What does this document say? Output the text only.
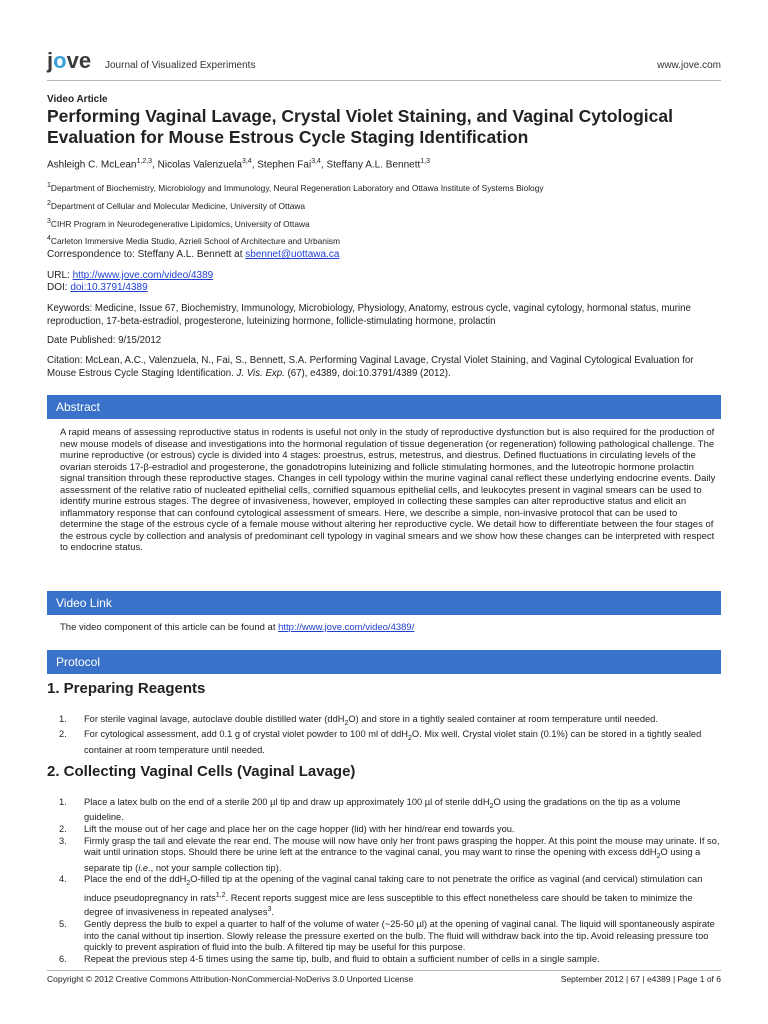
jove Journal of Visualized Experiments	www.jove.com
Video Article
Performing Vaginal Lavage, Crystal Violet Staining, and Vaginal Cytological Evaluation for Mouse Estrous Cycle Staging Identification
Ashleigh C. McLean$^{1,2,3}$, Nicolas Valenzuela$^{3,4}$, Stephen Fai$^{3,4}$, Steffany A.L. Bennett$^{1,3}$
$^1$Department of Biochemistry, Microbiology and Immunology, Neural Regeneration Laboratory and Ottawa Institute of Systems Biology
$^2$Department of Cellular and Molecular Medicine, University of Ottawa
$^3$CIHR Program in Neurodegenerative Lipidomics, University of Ottawa
$^4$Carleton Immersive Media Studio, Azrieli School of Architecture and Urbanism
Correspondence to: Steffany A.L. Bennett at sbennet@uottawa.ca
URL: http://www.jove.com/video/4389
DOI: doi:10.3791/4389
Keywords: Medicine, Issue 67, Biochemistry, Immunology, Microbiology, Physiology, Anatomy, estrous cycle, vaginal cytology, hormonal status, murine reproduction, 17-beta-estradiol, progesterone, luteinizing hormone, follicle-stimulating hormone, prolactin
Date Published: 9/15/2012
Citation: McLean, A.C., Valenzuela, N., Fai, S., Bennett, S.A. Performing Vaginal Lavage, Crystal Violet Staining, and Vaginal Cytological Evaluation for Mouse Estrous Cycle Staging Identification. J. Vis. Exp. (67), e4389, doi:10.3791/4389 (2012).
Abstract
A rapid means of assessing reproductive status in rodents is useful not only in the study of reproductive dysfunction but is also required for the production of new mouse models of disease and investigations into the hormonal regulation of tissue degeneration (or regeneration) following pathological challenge. The murine reproductive (or estrous) cycle is divided into 4 stages: proestrus, estrus, metestrus, and diestrus. Defined fluctuations in circulating levels of the ovarian steroids 17-β-estradiol and progesterone, the gonadotropins luteinizing and follicle stimulating hormones, and the luteotropic hormone prolactin signal transition through these reproductive stages. Changes in cell typology within the murine vaginal canal reflect these underlying endocrine events. Daily assessment of the relative ratio of nucleated epithelial cells, cornified squamous epithelial cells, and leukocytes present in vaginal smears can be used to identify murine estrous stages. The degree of invasiveness, however, employed in collecting these samples can alter reproductive status and elicit an inflammatory response that can confound cytological assessment of smears. Here, we describe a simple, non-invasive protocol that can be used to determine the stage of the estrous cycle of a female mouse without altering her reproductive cycle. We detail how to differentiate between the four stages of the estrous cycle by collection and analysis of predominant cell typology in vaginal smears and we show how these changes can be interpreted with respect to endocrine status.
Video Link
The video component of this article can be found at http://www.jove.com/video/4389/
Protocol
1. Preparing Reagents
1. For sterile vaginal lavage, autoclave double distilled water (ddH$_2$O) and store in a tightly sealed container at room temperature until needed.
2. For cytological assessment, add 0.1 g of crystal violet powder to 100 ml of ddH$_2$O. Mix well. Crystal violet stain (0.1%) can be stored in a tightly sealed container at room temperature until needed.
2. Collecting Vaginal Cells (Vaginal Lavage)
1. Place a latex bulb on the end of a sterile 200 µl tip and draw up approximately 100 µl of sterile ddH$_2$O using the gradations on the tip as a volume guideline.
2. Lift the mouse out of her cage and place her on the cage hopper (lid) with her hind/rear end towards you.
3. Firmly grasp the tail and elevate the rear end. The mouse will now have only her front paws grasping the hopper. At this point the mouse may urinate. If so, wait until urination stops. Should there be urine left at the entrance to the vaginal canal, you may want to rinse the opening with excess ddH$_2$O using a separate tip (i.e., not your sample collection tip).
4. Place the end of the ddH$_2$O-filled tip at the opening of the vaginal canal taking care to not penetrate the orifice as vaginal (and cervical) stimulation can induce pseudopregnancy in rats$^{1,2}$. Recent reports suggest mice are less susceptible to this effect nonetheless care should be taken to minimize the degree of invasiveness in repeated analyses$^3$.
5. Gently depress the bulb to expel a quarter to half of the volume of water (~25-50 µl) at the opening of vaginal canal. The liquid will spontaneously aspirate into the canal without tip insertion. Slowly release the pressure exerted on the bulb. The fluid will withdraw back into the tip. Avoid releasing pressure too quickly to prevent aspiration of fluid into the bulb. A filtered tip may be useful for this purpose.
6. Repeat the previous step 4-5 times using the same tip, bulb, and fluid to obtain a sufficient number of cells in a single sample.
Copyright © 2012 Creative Commons Attribution-NonCommercial-NoDerivs 3.0 Unported License	September 2012 | 67 | e4389 | Page 1 of 6
